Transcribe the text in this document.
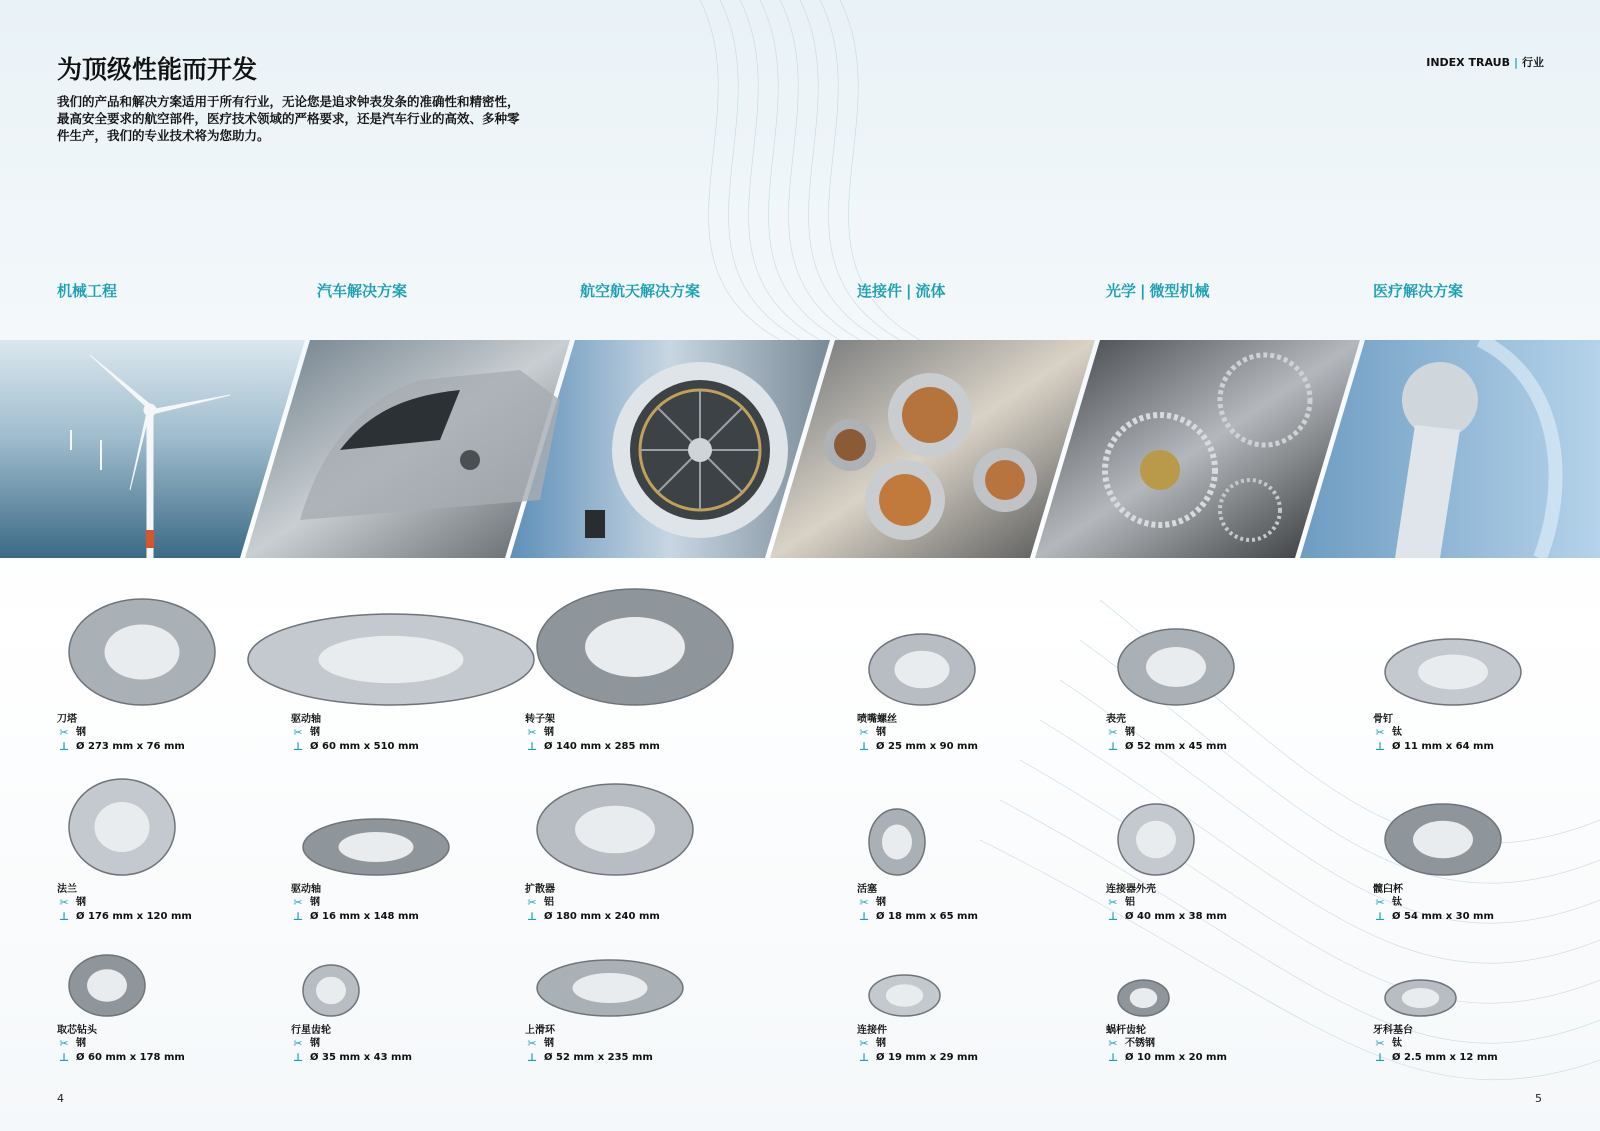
为顶级性能而开发
我们的产品和解决方案适用于所有行业，无论您是追求钟表发条的准确性和精密性，最高安全要求的航空部件，医疗技术领域的严格要求，还是汽车行业的高效、多种零件生产，我们的专业技术将为您助力。
INDEX TRAUB | 行业
机械工程	汽车解决方案	航空航天解决方案	连接件 | 流体	光学 | 微型机械	医疗解决方案
刀塔
✂ 钢
⊥ Ø 273 mm x 76 mm
驱动轴
✂ 钢
⊥ Ø 60 mm x 510 mm
转子架
✂ 钢
⊥ Ø 140 mm x 285 mm
喷嘴螺丝
✂ 钢
⊥ Ø 25 mm x 90 mm
表壳
✂ 钢
⊥ Ø 52 mm x 45 mm
骨钉
✂ 钛
⊥ Ø 11 mm x 64 mm
法兰
✂ 钢
⊥ Ø 176 mm x 120 mm
驱动轴
✂ 钢
⊥ Ø 16 mm x 148 mm
扩散器
✂ 铝
⊥ Ø 180 mm x 240 mm
活塞
✂ 钢
⊥ Ø 18 mm x 65 mm
连接器外壳
✂ 铝
⊥ Ø 40 mm x 38 mm
髋臼杯
✂ 钛
⊥ Ø 54 mm x 30 mm
取芯钻头
✂ 钢
⊥ Ø 60 mm x 178 mm
行星齿轮
✂ 钢
⊥ Ø 35 mm x 43 mm
上滑环
✂ 钢
⊥ Ø 52 mm x 235 mm
连接件
✂ 钢
⊥ Ø 19 mm x 29 mm
蜗杆齿轮
✂ 不锈钢
⊥ Ø 10 mm x 20 mm
牙科基台
✂ 钛
⊥ Ø 2.5 mm x 12 mm
4	5
